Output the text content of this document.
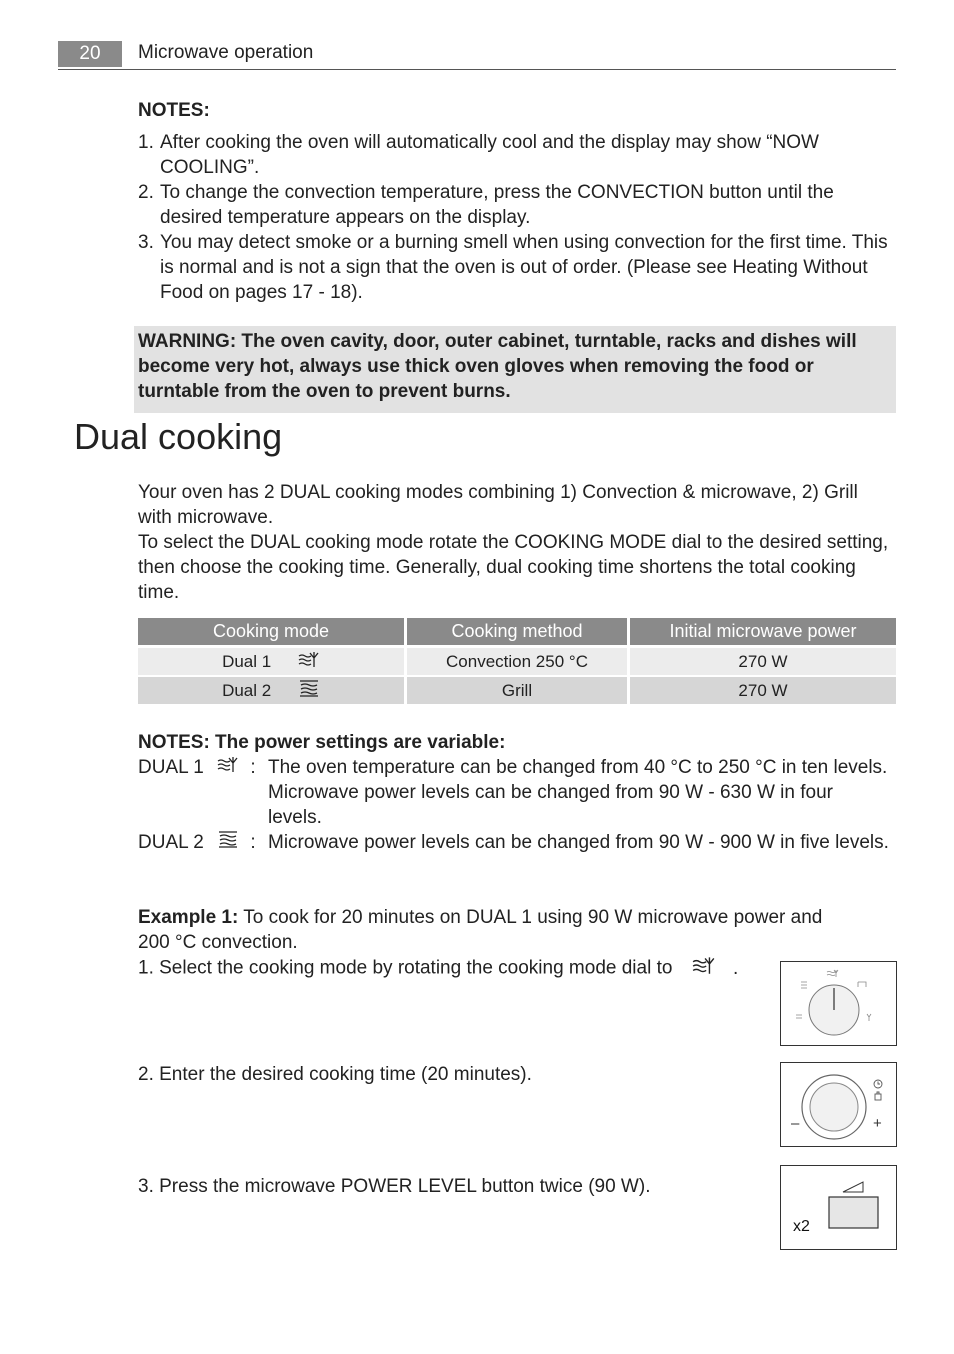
20	Microwave operation
NOTES:
1. After cooking the oven will automatically cool and the display may show “NOW COOLING”.
2. To change the convection temperature, press the CONVECTION button until the desired temperature appears on the display.
3. You may detect smoke or a burning smell when using convection for the first time. This is normal and is not a sign that the oven is out of order. (Please see Heating Without Food on pages 17 - 18).
WARNING: The oven cavity, door, outer cabinet, turntable, racks and dishes will become very hot, always use thick oven gloves when removing the food or turntable from the oven to prevent burns.
Dual cooking
Your oven has 2 DUAL cooking modes combining 1) Convection & microwave, 2) Grill with microwave.
To select the DUAL cooking mode rotate the COOKING MODE dial to the desired setting, then choose the cooking time. Generally, dual cooking time shortens the total cooking time.
Cooking mode	Cooking method	Initial microwave power
Dual 1	Convection 250 °C	270 W
Dual 2	Grill	270 W
NOTES: The power settings are variable:
DUAL 1 : The oven temperature can be changed from 40 °C to 250 °C in ten levels. Microwave power levels can be changed from 90 W - 630 W in four levels.
DUAL 2 : Microwave power levels can be changed from 90 W - 900 W in five levels.
Example 1: To cook for 20 minutes on DUAL 1 using 90 W microwave power and 200 °C convection.
1. Select the cooking mode by rotating the cooking mode dial to	.
2. Enter the desired cooking time (20 minutes).
3. Press the microwave POWER LEVEL button twice (90 W).
–	+
x2
